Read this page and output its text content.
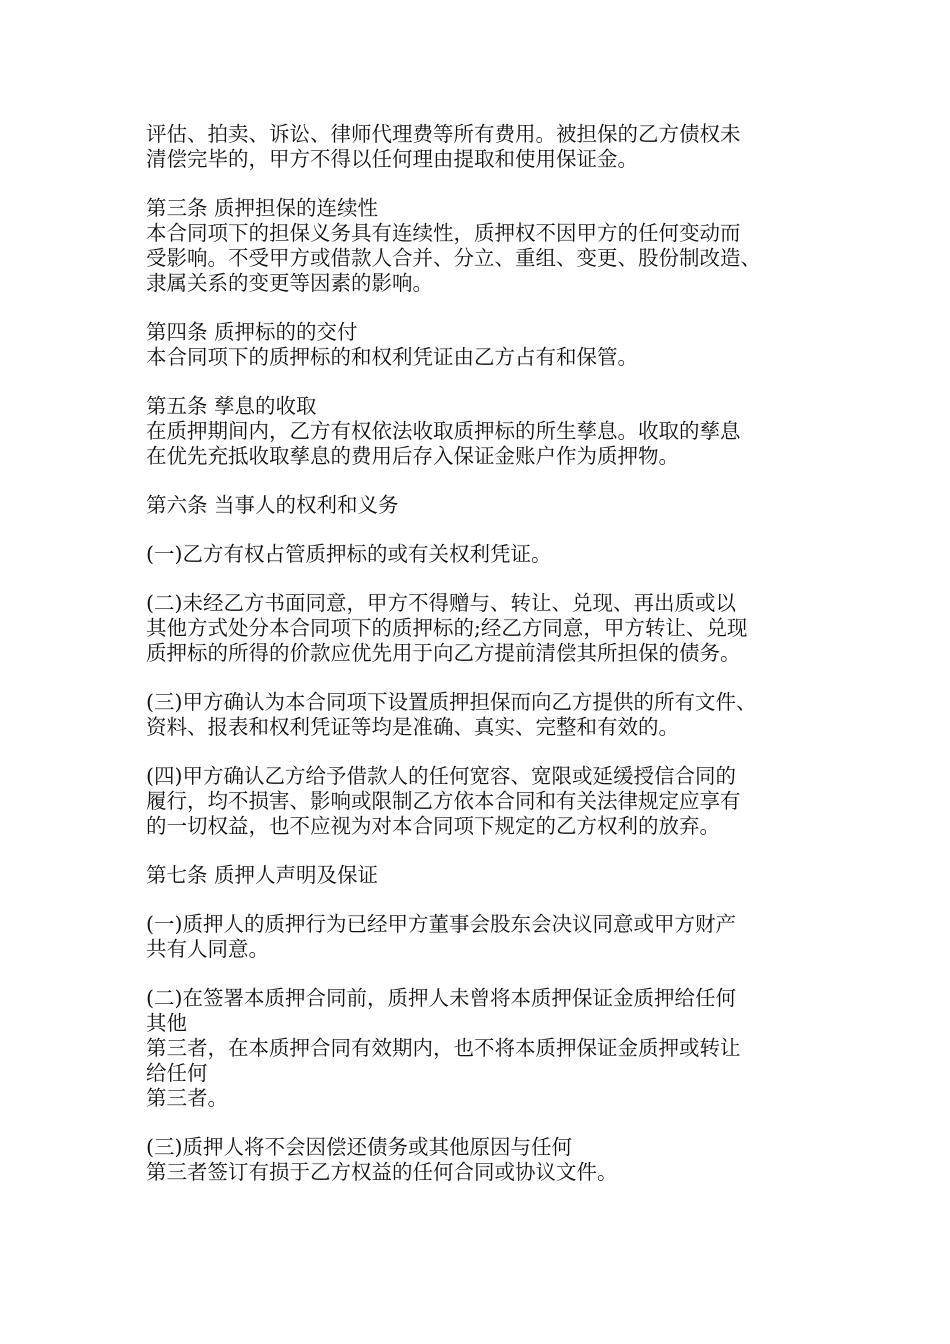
评估、拍卖、诉讼、律师代理费等所有费用。被担保的乙方债权未
清偿完毕的，甲方不得以任何理由提取和使用保证金。
第三条 质押担保的连续性
本合同项下的担保义务具有连续性，质押权不因甲方的任何变动而
受影响。不受甲方或借款人合并、分立、重组、变更、股份制改造、
隶属关系的变更等因素的影响。
第四条 质押标的的交付
本合同项下的质押标的和权利凭证由乙方占有和保管。
第五条 孳息的收取
在质押期间内，乙方有权依法收取质押标的所生孳息。收取的孳息
在优先充抵收取孳息的费用后存入保证金账户作为质押物。
第六条 当事人的权利和义务
(一)乙方有权占管质押标的或有关权利凭证。
(二)未经乙方书面同意，甲方不得赠与、转让、兑现、再出质或以
其他方式处分本合同项下的质押标的;经乙方同意，甲方转让、兑现
质押标的所得的价款应优先用于向乙方提前清偿其所担保的债务。
(三)甲方确认为本合同项下设置质押担保而向乙方提供的所有文件、
资料、报表和权利凭证等均是准确、真实、完整和有效的。
(四)甲方确认乙方给予借款人的任何宽容、宽限或延缓授信合同的
履行，均不损害、影响或限制乙方依本合同和有关法律规定应享有
的一切权益，也不应视为对本合同项下规定的乙方权利的放弃。
第七条 质押人声明及保证
(一)质押人的质押行为已经甲方董事会股东会决议同意或甲方财产
共有人同意。
(二)在签署本质押合同前，质押人未曾将本质押保证金质押给任何
其他
第三者，在本质押合同有效期内，也不将本质押保证金质押或转让
给任何
第三者。
(三)质押人将不会因偿还债务或其他原因与任何
第三者签订有损于乙方权益的任何合同或协议文件。
